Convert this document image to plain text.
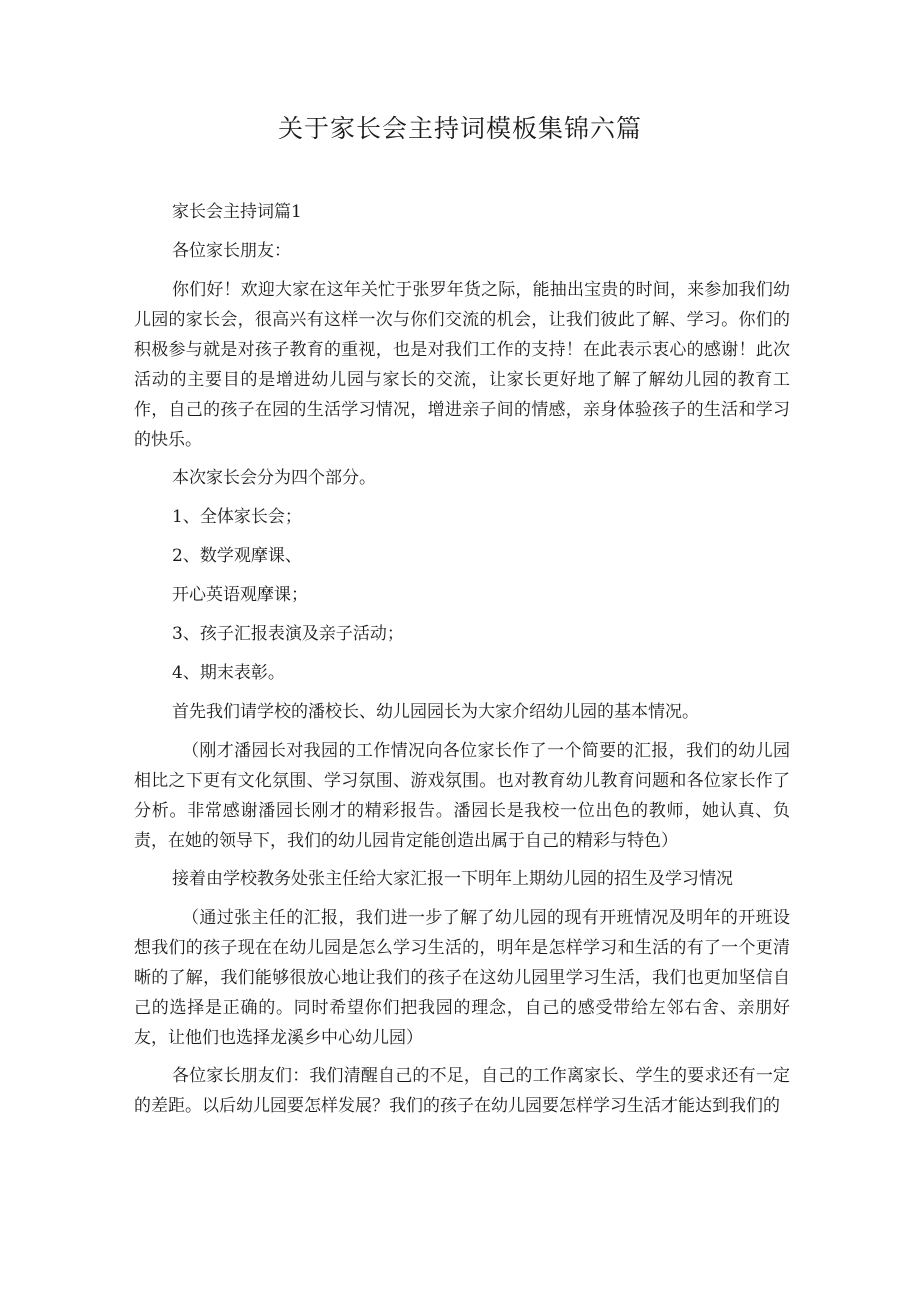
关于家长会主持词模板集锦六篇

家长会主持词篇1

各位家长朋友：

你们好！欢迎大家在这年关忙于张罗年货之际，能抽出宝贵的时间，来参加我们幼儿园的家长会，很高兴有这样一次与你们交流的机会，让我们彼此了解、学习。你们的积极参与就是对孩子教育的重视，也是对我们工作的支持！在此表示衷心的感谢！此次活动的主要目的是增进幼儿园与家长的交流，让家长更好地了解了解幼儿园的教育工作，自己的孩子在园的生活学习情况，增进亲子间的情感，亲身体验孩子的生活和学习的快乐。

本次家长会分为四个部分。

1、全体家长会；

2、数学观摩课、

开心英语观摩课；

3、孩子汇报表演及亲子活动；

4、期末表彰。

首先我们请学校的潘校长、幼儿园园长为大家介绍幼儿园的基本情况。

（刚才潘园长对我园的工作情况向各位家长作了一个简要的汇报，我们的幼儿园相比之下更有文化氛围、学习氛围、游戏氛围。也对教育幼儿教育问题和各位家长作了分析。非常感谢潘园长刚才的精彩报告。潘园长是我校一位出色的教师，她认真、负责，在她的领导下，我们的幼儿园肯定能创造出属于自己的精彩与特色）

接着由学校教务处张主任给大家汇报一下明年上期幼儿园的招生及学习情况

（通过张主任的汇报，我们进一步了解了幼儿园的现有开班情况及明年的开班设想我们的孩子现在在幼儿园是怎么学习生活的，明年是怎样学习和生活的有了一个更清晰的了解，我们能够很放心地让我们的孩子在这幼儿园里学习生活，我们也更加坚信自己的选择是正确的。同时希望你们把我园的理念，自己的感受带给左邻右舍、亲朋好友，让他们也选择龙溪乡中心幼儿园）

各位家长朋友们：我们清醒自己的不足，自己的工作离家长、学生的要求还有一定的差距。以后幼儿园要怎样发展？我们的孩子在幼儿园要怎样学习生活才能达到我们的
